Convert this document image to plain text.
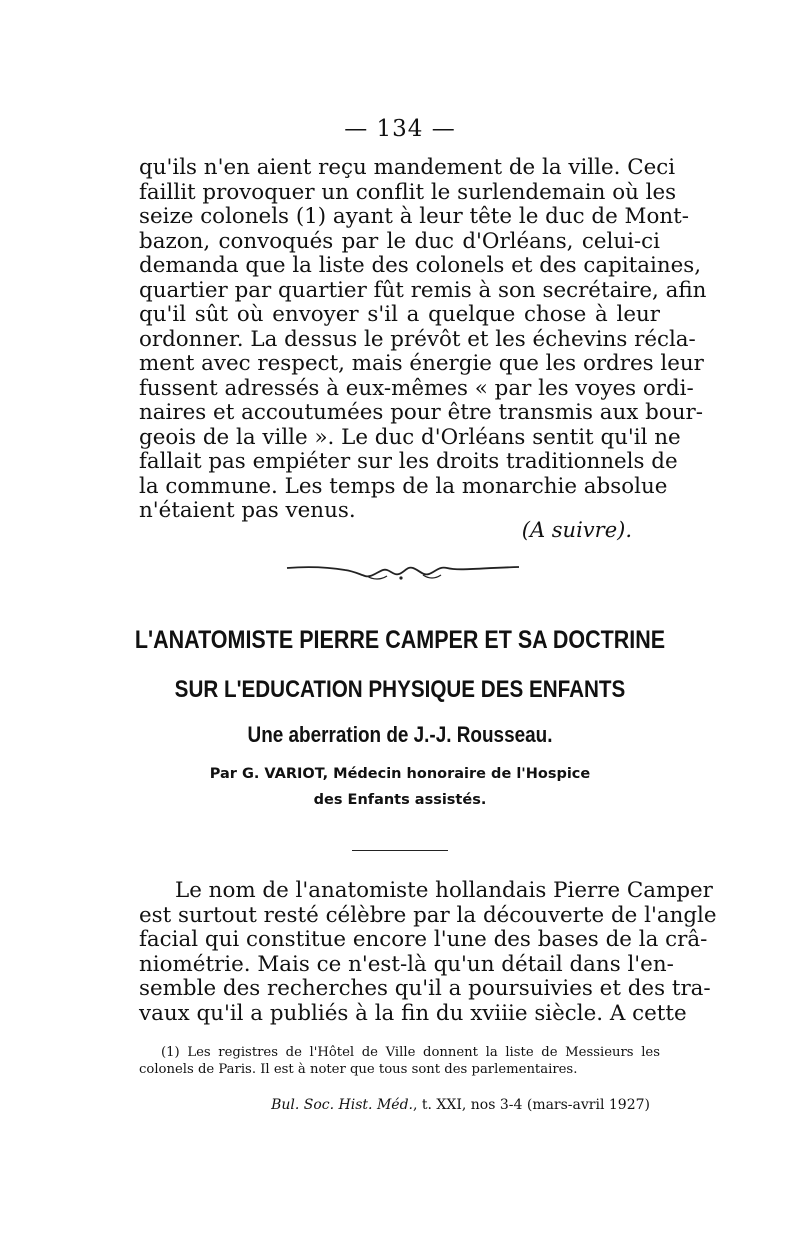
— 134 —
qu'ils n'en aient reçu mandement de la ville. Ceci
faillit provoquer un conflit le surlendemain où les
seize colonels (1) ayant à leur tête le duc de Mont-
bazon, convoqués par le duc d'Orléans, celui-ci
demanda que la liste des colonels et des capitaines,
quartier par quartier fût remis à son secrétaire, afin
qu'il sût où envoyer s'il a quelque chose à leur
ordonner. La dessus le prévôt et les échevins récla-
ment avec respect, mais énergie que les ordres leur
fussent adressés à eux-mêmes « par les voyes ordi-
naires et accoutumées pour être transmis aux bour-
geois de la ville ». Le duc d'Orléans sentit qu'il ne
fallait pas empiéter sur les droits traditionnels de
la commune. Les temps de la monarchie absolue
n'étaient pas venus.
(A suivre).
L'ANATOMISTE PIERRE CAMPER ET SA DOCTRINE
SUR L'EDUCATION PHYSIQUE DES ENFANTS
Une aberration de J.-J. Rousseau.
Par G. VARIOT, Médecin honoraire de l'Hospice
des Enfants assistés.
Le nom de l'anatomiste hollandais Pierre Camper
est surtout resté célèbre par la découverte de l'angle
facial qui constitue encore l'une des bases de la crâ-
niométrie. Mais ce n'est-là qu'un détail dans l'en-
semble des recherches qu'il a poursuivies et des tra-
vaux qu'il a publiés à la fin du xviiie siècle. A cette
(1) Les registres de l'Hôtel de Ville donnent la liste de Messieurs les
colonels de Paris. Il est à noter que tous sont des parlementaires.
Bul. Soc. Hist. Méd., t. XXI, nos 3-4 (mars-avril 1927)
